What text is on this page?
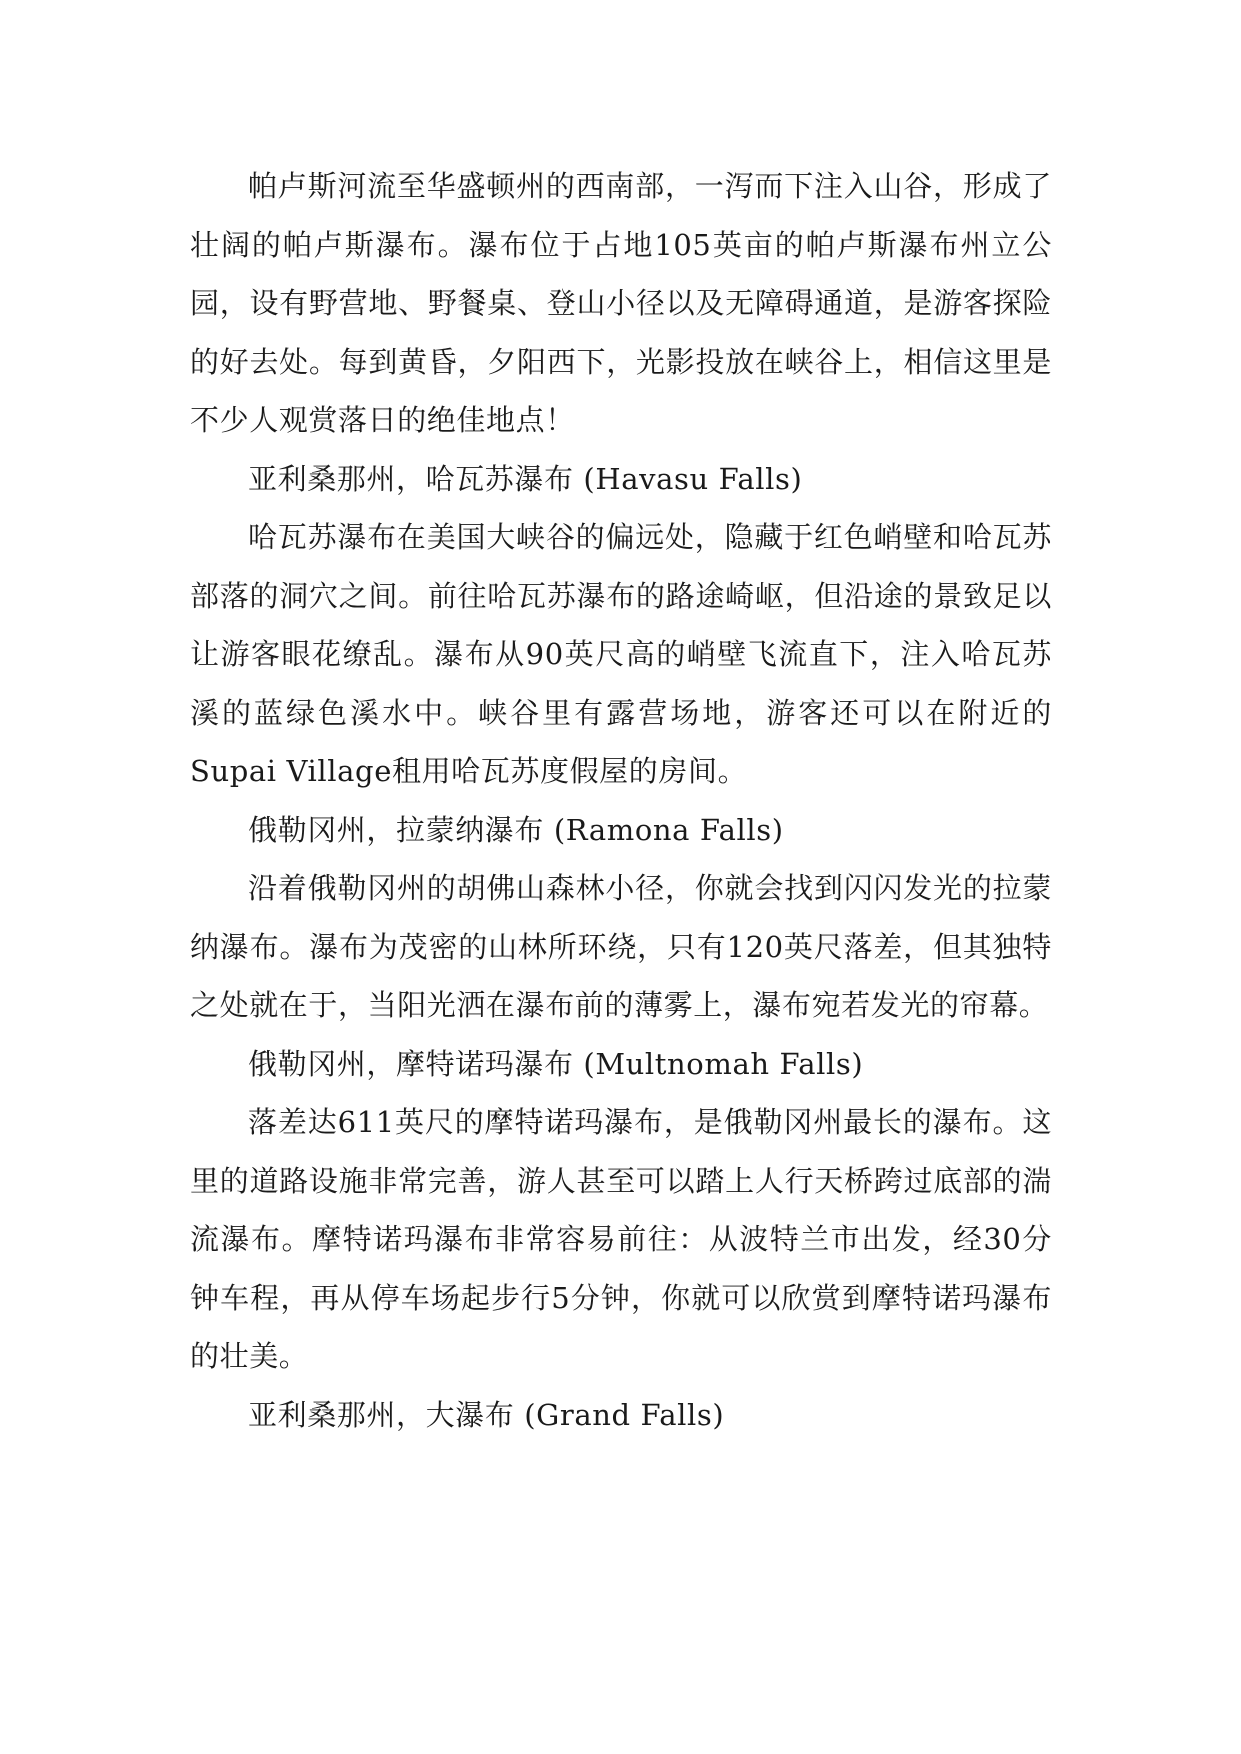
帕卢斯河流至华盛顿州的西南部，一泻而下注入山谷，形成了壮阔的帕卢斯瀑布。瀑布位于占地105英亩的帕卢斯瀑布州立公园，设有野营地、野餐桌、登山小径以及无障碍通道，是游客探险的好去处。每到黄昏，夕阳西下，光影投放在峡谷上，相信这里是不少人观赏落日的绝佳地点！

亚利桑那州，哈瓦苏瀑布 (Havasu Falls)

哈瓦苏瀑布在美国大峡谷的偏远处，隐藏于红色峭壁和哈瓦苏部落的洞穴之间。前往哈瓦苏瀑布的路途崎岖，但沿途的景致足以让游客眼花缭乱。瀑布从90英尺高的峭壁飞流直下，注入哈瓦苏溪的蓝绿色溪水中。峡谷里有露营场地，游客还可以在附近的Supai Village租用哈瓦苏度假屋的房间。

俄勒冈州，拉蒙纳瀑布 (Ramona Falls)

沿着俄勒冈州的胡佛山森林小径，你就会找到闪闪发光的拉蒙纳瀑布。瀑布为茂密的山林所环绕，只有120英尺落差，但其独特之处就在于，当阳光洒在瀑布前的薄雾上，瀑布宛若发光的帘幕。

俄勒冈州，摩特诺玛瀑布 (Multnomah Falls)

落差达611英尺的摩特诺玛瀑布，是俄勒冈州最长的瀑布。这里的道路设施非常完善，游人甚至可以踏上人行天桥跨过底部的湍流瀑布。摩特诺玛瀑布非常容易前往：从波特兰市出发，经30分钟车程，再从停车场起步行5分钟，你就可以欣赏到摩特诺玛瀑布的壮美。

亚利桑那州，大瀑布 (Grand Falls)
